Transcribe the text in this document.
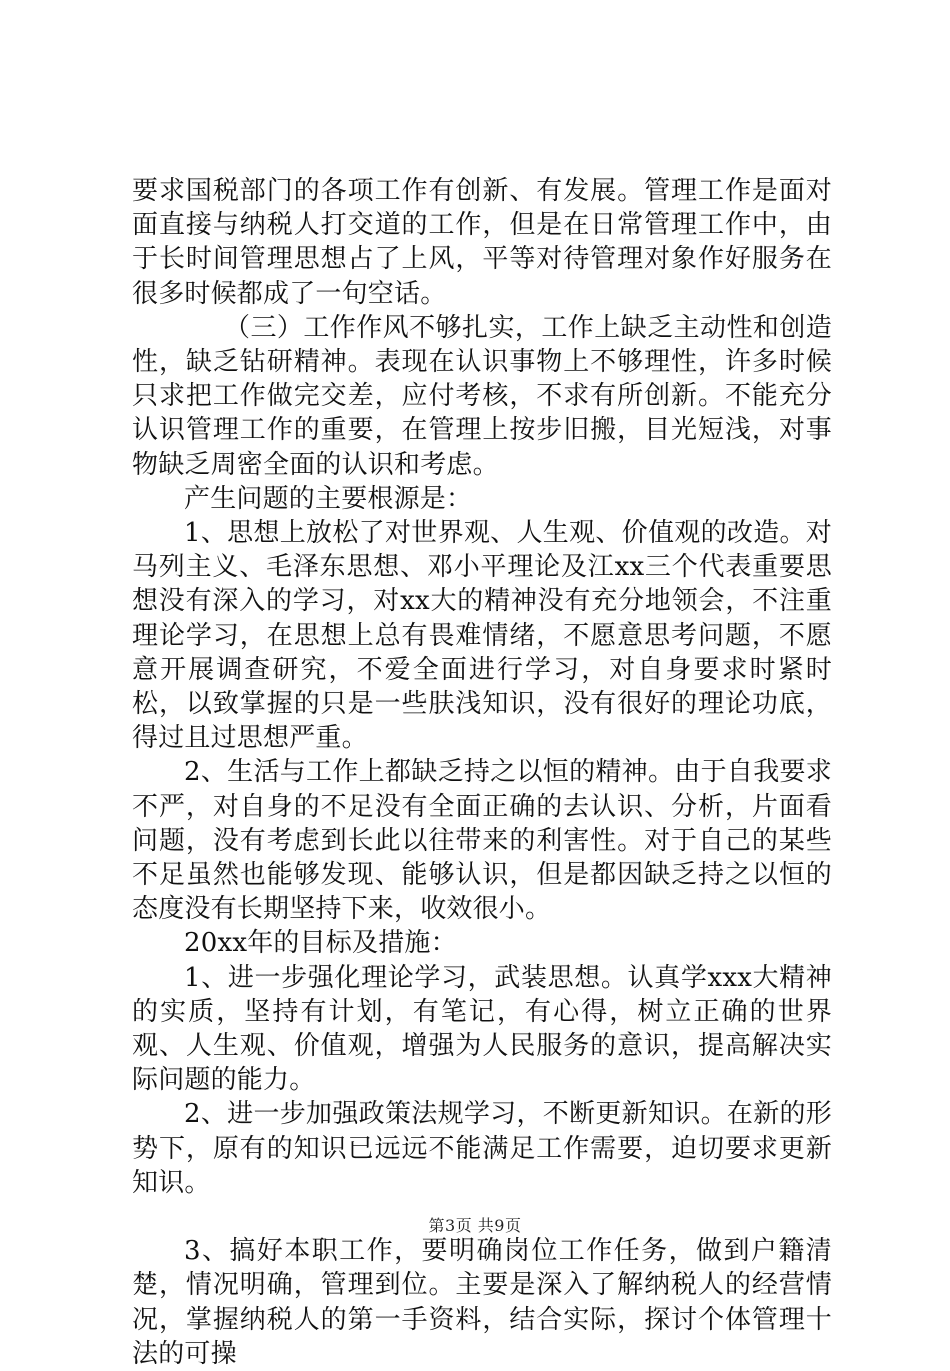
要求国税部门的各项工作有创新、有发展。管理工作是面对面直接与纳税人打交道的工作，但是在日常管理工作中，由于长时间管理思想占了上风，平等对待管理对象作好服务在很多时候都成了一句空话。

（三）工作作风不够扎实，工作上缺乏主动性和创造性，缺乏钻研精神。表现在认识事物上不够理性，许多时候只求把工作做完交差，应付考核，不求有所创新。不能充分认识管理工作的重要，在管理上按步旧搬，目光短浅，对事物缺乏周密全面的认识和考虑。

产生问题的主要根源是：

1、思想上放松了对世界观、人生观、价值观的改造。对马列主义、毛泽东思想、邓小平理论及江xx三个代表重要思想没有深入的学习，对xx大的精神没有充分地领会，不注重理论学习，在思想上总有畏难情绪，不愿意思考问题，不愿意开展调查研究，不爱全面进行学习，对自身要求时紧时松，以致掌握的只是一些肤浅知识，没有很好的理论功底，得过且过思想严重。

2、生活与工作上都缺乏持之以恒的精神。由于自我要求不严，对自身的不足没有全面正确的去认识、分析，片面看问题，没有考虑到长此以往带来的利害性。对于自己的某些不足虽然也能够发现、能够认识，但是都因缺乏持之以恒的态度没有长期坚持下来，收效很小。

20xx年的目标及措施：

1、进一步强化理论学习，武装思想。认真学xxx大精神的实质，坚持有计划，有笔记，有心得，树立正确的世界观、人生观、价值观，增强为人民服务的意识，提高解决实际问题的能力。

2、进一步加强政策法规学习，不断更新知识。在新的形势下，原有的知识已远远不能满足工作需要，迫切要求更新知识。

3、搞好本职工作，要明确岗位工作任务，做到户籍清楚，情况明确，管理到位。主要是深入了解纳税人的经营情况，掌握纳税人的第一手资料，结合实际，探讨个体管理十法的可操

第3页 共9页
